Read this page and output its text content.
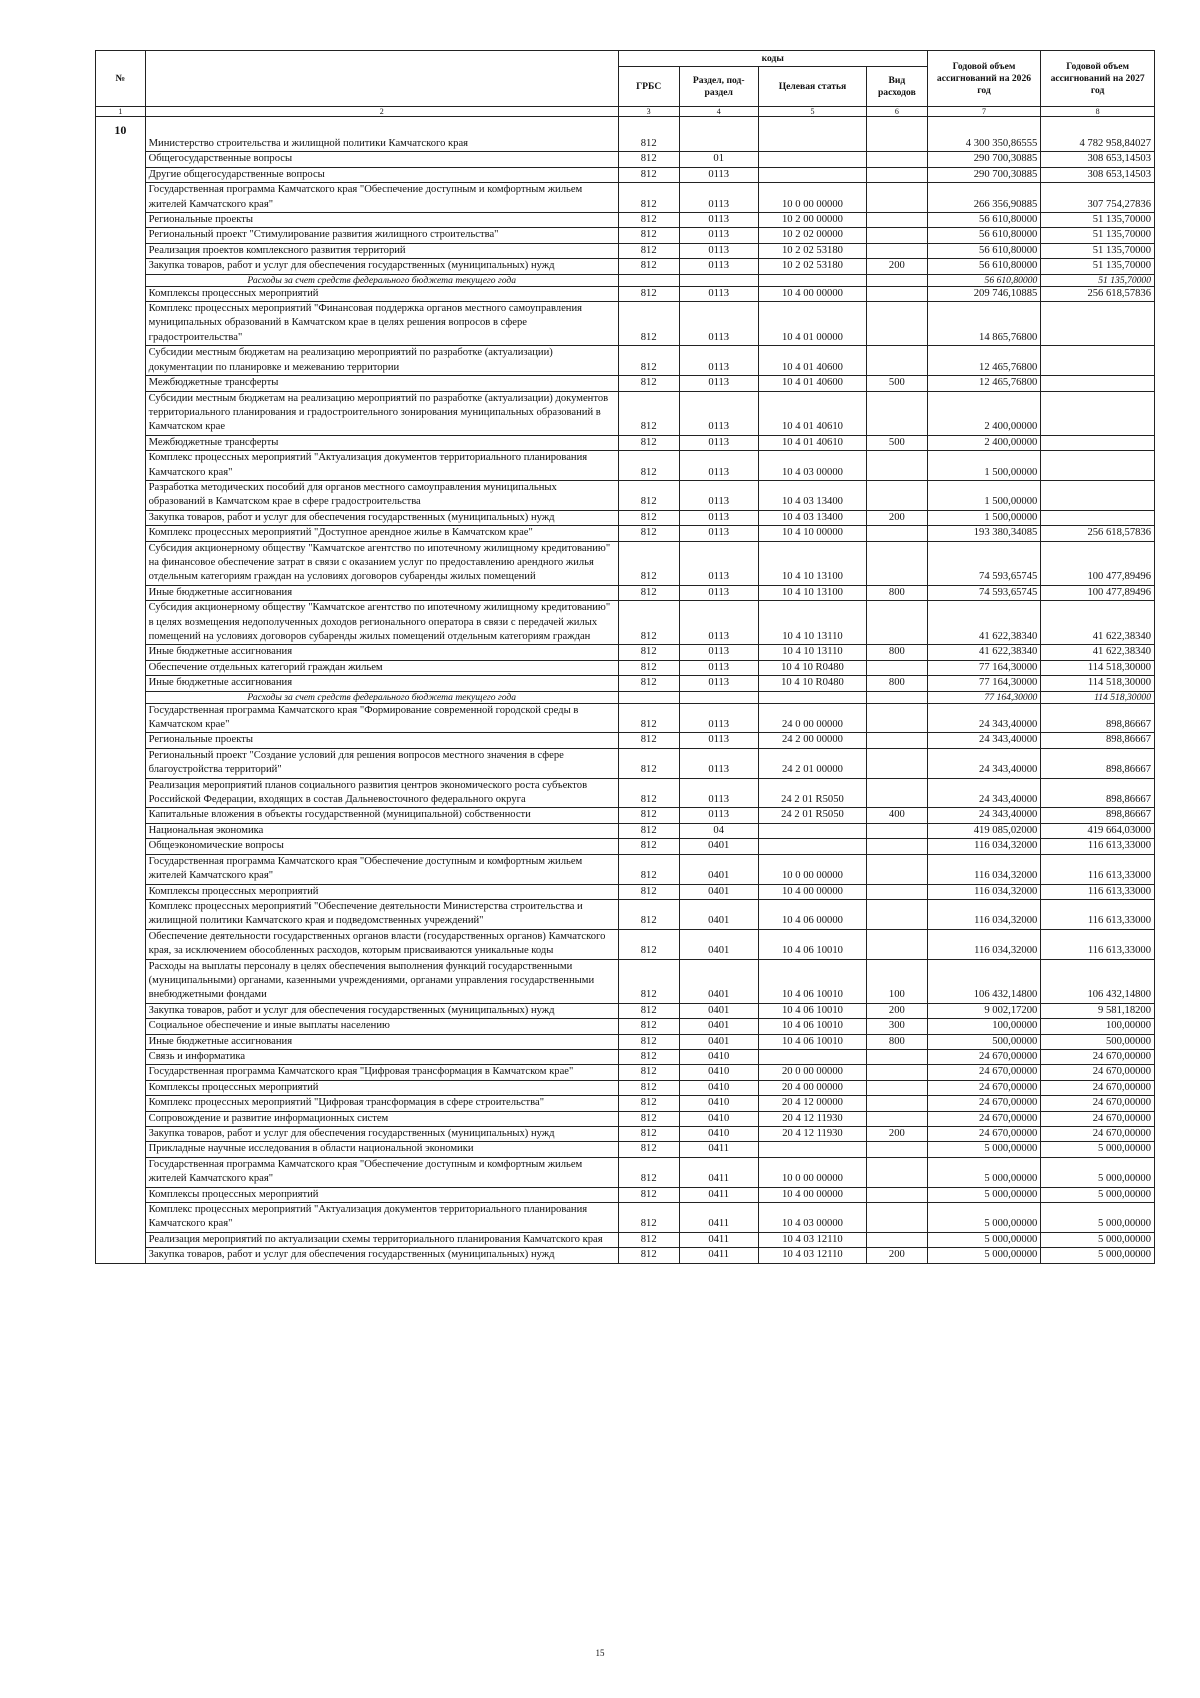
№		коды				Годовой объем ассигнований на 2026 год	Годовой объем ассигнований на 2027 год
		ГРБС	Раздел, под-раздел	Целевая статья	Вид расходов		
1	2	3	4	5	6	7	8
10	Министерство строительства и жилищной политики Камчатского края	812				4 300 350,86555	4 782 958,84027
	Общегосударственные вопросы	812	01			290 700,30885	308 653,14503
	Другие общегосударственные вопросы	812	0113			290 700,30885	308 653,14503
	Государственная программа Камчатского края "Обеспечение доступным и комфортным жильем жителей Камчатского края"	812	0113	10 0 00 00000		266 356,90885	307 754,27836
	Региональные проекты	812	0113	10 2 00 00000		56 610,80000	51 135,70000
	Региональный проект "Стимулирование развития жилищного строительства"	812	0113	10 2 02 00000		56 610,80000	51 135,70000
	Реализация проектов комплексного развития территорий	812	0113	10 2 02 53180		56 610,80000	51 135,70000
	Закупка товаров, работ и услуг для обеспечения государственных (муниципальных) нужд	812	0113	10 2 02 53180	200	56 610,80000	51 135,70000
	Расходы за счет средств федерального бюджета текущего года					56 610,80000	51 135,70000
	Комплексы процессных мероприятий	812	0113	10 4 00 00000		209 746,10885	256 618,57836
	Комплекс процессных мероприятий "Финансовая поддержка органов местного самоуправления муниципальных образований в Камчатском крае в целях решения вопросов в сфере градостроительства"	812	0113	10 4 01 00000		14 865,76800	
	Субсидии местным бюджетам на реализацию мероприятий по разработке (актуализации) документации по планировке и межеванию территории	812	0113	10 4 01 40600		12 465,76800	
	Межбюджетные трансферты	812	0113	10 4 01 40600	500	12 465,76800	
	Субсидии местным бюджетам на реализацию мероприятий по разработке (актуализации) документов территориального планирования и градостроительного зонирования муниципальных образований в Камчатском крае	812	0113	10 4 01 40610		2 400,00000	
	Межбюджетные трансферты	812	0113	10 4 01 40610	500	2 400,00000	
	Комплекс процессных мероприятий "Актуализация документов территориального планирования Камчатского края"	812	0113	10 4 03 00000		1 500,00000	
	Разработка методических пособий для органов местного самоуправления муниципальных образований в Камчатском крае в сфере градостроительства	812	0113	10 4 03 13400		1 500,00000	
	Закупка товаров, работ и услуг для обеспечения государственных (муниципальных) нужд	812	0113	10 4 03 13400	200	1 500,00000	
	Комплекс процессных мероприятий "Доступное арендное жилье в Камчатском крае"	812	0113	10 4 10 00000		193 380,34085	256 618,57836
	Субсидия акционерному обществу "Камчатское агентство по ипотечному жилищному кредитованию" на финансовое обеспечение затрат в связи с оказанием услуг по предоставлению арендного жилья отдельным категориям граждан на условиях договоров субаренды жилых помещений	812	0113	10 4 10 13100		74 593,65745	100 477,89496
	Иные бюджетные ассигнования	812	0113	10 4 10 13100	800	74 593,65745	100 477,89496
	Субсидия акционерному обществу "Камчатское агентство по ипотечному жилищному кредитованию" в целях возмещения недополученных доходов регионального оператора в связи с передачей жилых помещений на условиях договоров субаренды жилых помещений отдельным категориям граждан	812	0113	10 4 10 13110		41 622,38340	41 622,38340
	Иные бюджетные ассигнования	812	0113	10 4 10 13110	800	41 622,38340	41 622,38340
	Обеспечение отдельных категорий граждан жильем	812	0113	10 4 10 R0480		77 164,30000	114 518,30000
	Иные бюджетные ассигнования	812	0113	10 4 10 R0480	800	77 164,30000	114 518,30000
	Расходы за счет средств федерального бюджета текущего года					77 164,30000	114 518,30000
	Государственная программа Камчатского края "Формирование современной городской среды в Камчатском крае"	812	0113	24 0 00 00000		24 343,40000	898,86667
	Региональные проекты	812	0113	24 2 00 00000		24 343,40000	898,86667
	Региональный проект "Создание условий для решения вопросов местного значения в сфере благоустройства территорий"	812	0113	24 2 01 00000		24 343,40000	898,86667
	Реализация мероприятий планов социального развития центров экономического роста субъектов Российской Федерации, входящих в состав Дальневосточного федерального округа	812	0113	24 2 01 R5050		24 343,40000	898,86667
	Капитальные вложения в объекты государственной (муниципальной) собственности	812	0113	24 2 01 R5050	400	24 343,40000	898,86667
	Национальная экономика	812	04			419 085,02000	419 664,03000
	Общеэкономические вопросы	812	0401			116 034,32000	116 613,33000
	Государственная программа Камчатского края "Обеспечение доступным и комфортным жильем жителей Камчатского края"	812	0401	10 0 00 00000		116 034,32000	116 613,33000
	Комплексы процессных мероприятий	812	0401	10 4 00 00000		116 034,32000	116 613,33000
	Комплекс процессных мероприятий "Обеспечение деятельности Министерства строительства и жилищной политики Камчатского края и подведомственных учреждений"	812	0401	10 4 06 00000		116 034,32000	116 613,33000
	Обеспечение деятельности государственных органов власти (государственных органов) Камчатского края, за исключением обособленных расходов, которым присваиваются уникальные коды	812	0401	10 4 06 10010		116 034,32000	116 613,33000
	Расходы на выплаты персоналу в целях обеспечения выполнения функций государственными (муниципальными) органами, казенными учреждениями, органами управления государственными внебюджетными фондами	812	0401	10 4 06 10010	100	106 432,14800	106 432,14800
	Закупка товаров, работ и услуг для обеспечения государственных (муниципальных) нужд	812	0401	10 4 06 10010	200	9 002,17200	9 581,18200
	Социальное обеспечение и иные выплаты населению	812	0401	10 4 06 10010	300	100,00000	100,00000
	Иные бюджетные ассигнования	812	0401	10 4 06 10010	800	500,00000	500,00000
	Связь и информатика	812	0410			24 670,00000	24 670,00000
	Государственная программа Камчатского края "Цифровая трансформация в Камчатском крае"	812	0410	20 0 00 00000		24 670,00000	24 670,00000
	Комплексы процессных мероприятий	812	0410	20 4 00 00000		24 670,00000	24 670,00000
	Комплекс процессных мероприятий "Цифровая трансформация в сфере строительства"	812	0410	20 4 12 00000		24 670,00000	24 670,00000
	Сопровождение и развитие информационных систем	812	0410	20 4 12 11930		24 670,00000	24 670,00000
	Закупка товаров, работ и услуг для обеспечения государственных (муниципальных) нужд	812	0410	20 4 12 11930	200	24 670,00000	24 670,00000
	Прикладные научные исследования в области национальной экономики	812	0411			5 000,00000	5 000,00000
	Государственная программа Камчатского края "Обеспечение доступным и комфортным жильем жителей Камчатского края"	812	0411	10 0 00 00000		5 000,00000	5 000,00000
	Комплексы процессных мероприятий	812	0411	10 4 00 00000		5 000,00000	5 000,00000
	Комплекс процессных мероприятий "Актуализация документов территориального планирования Камчатского края"	812	0411	10 4 03 00000		5 000,00000	5 000,00000
	Реализация мероприятий по актуализации схемы территориального планирования Камчатского края	812	0411	10 4 03 12110		5 000,00000	5 000,00000
	Закупка товаров, работ и услуг для обеспечения государственных (муниципальных) нужд	812	0411	10 4 03 12110	200	5 000,00000	5 000,00000
15
